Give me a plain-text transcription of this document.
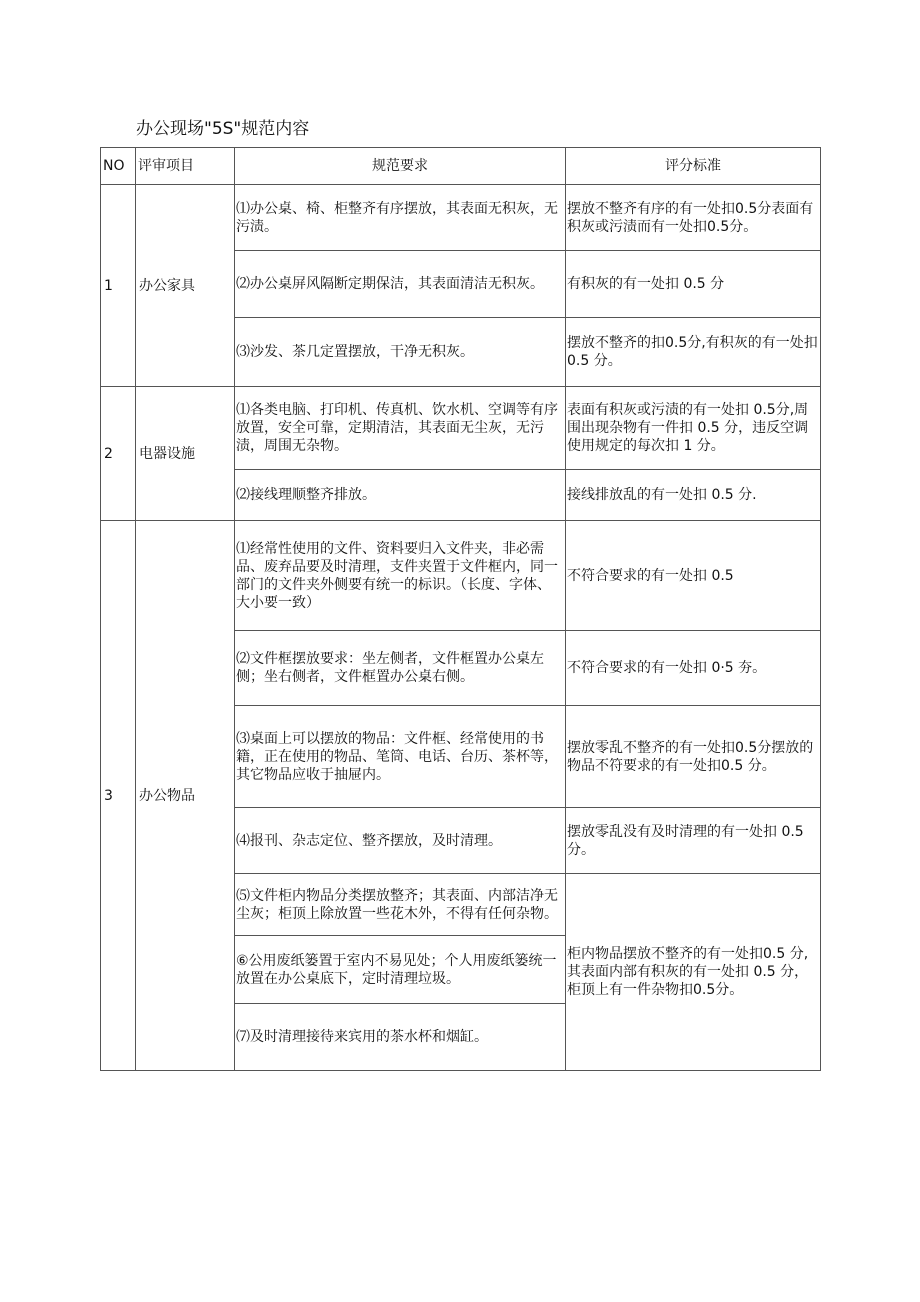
办公现场"5S"规范内容
NO	评审项目	规范要求	评分标准
1	办公家具	⑴办公桌、椅、柜整齐有序摆放，其表面无积灰，无污渍。	摆放不整齐有序的有一处扣0.5分表面有积灰或污渍而有一处扣0.5分。
		⑵办公桌屏风隔断定期保洁，其表面清洁无积灰。	有积灰的有一处扣 0.5 分
		⑶沙发、茶几定置摆放，干净无积灰。	摆放不整齐的扣0.5分,有积灰的有一处扣 0.5 分。
2	电器设施	⑴各类电脑、打印机、传真机、饮水机、空调等有序放置，安全可靠，定期清洁，其表面无尘灰，无污渍，周围无杂物。	表面有积灰或污渍的有一处扣 0.5分,周围出现杂物有一件扣 0.5 分，违反空调使用规定的每次扣 1 分。
		⑵接线理顺整齐排放。	接线排放乱的有一处扣 0.5 分.
3	办公物品	⑴经常性使用的文件、资料要归入文件夹，非必需品、废弃品要及时清理，支件夹置于文件框内，同一部门的文件夹外侧要有统一的标识。（长度、字体、大小要一致）	不符合要求的有一处扣 0.5
		⑵文件框摆放要求：坐左侧者，文件框置办公桌左侧；坐右侧者，文件框置办公桌右侧。	不符合要求的有一处扣 0·5 夯。
		⑶桌面上可以摆放的物品：文件框、经常使用的书籍，正在使用的物品、笔筒、电话、台历、茶杯等，其它物品应收于抽屉内。	摆放零乱不整齐的有一处扣0.5分摆放的物品不符要求的有一处扣0.5 分。
		⑷报刊、杂志定位、整齐摆放，及时清理。	摆放零乱没有及时清理的有一处扣 0.5 分。
		⑸文件柜内物品分类摆放整齐；其表面、内部洁净无尘灰；柜顶上除放置一些花木外，不得有任何杂物。	柜内物品摆放不整齐的有一处扣0.5 分,其表面内部有积灰的有一处扣 0.5 分，柜顶上有一件杂物扣0.5分。
		⑥公用废纸篓置于室内不易见处；个人用废纸篓统一放置在办公桌底下，定时清理垃圾。	
		⑺及时清理接待来宾用的茶水杯和烟缸。	
